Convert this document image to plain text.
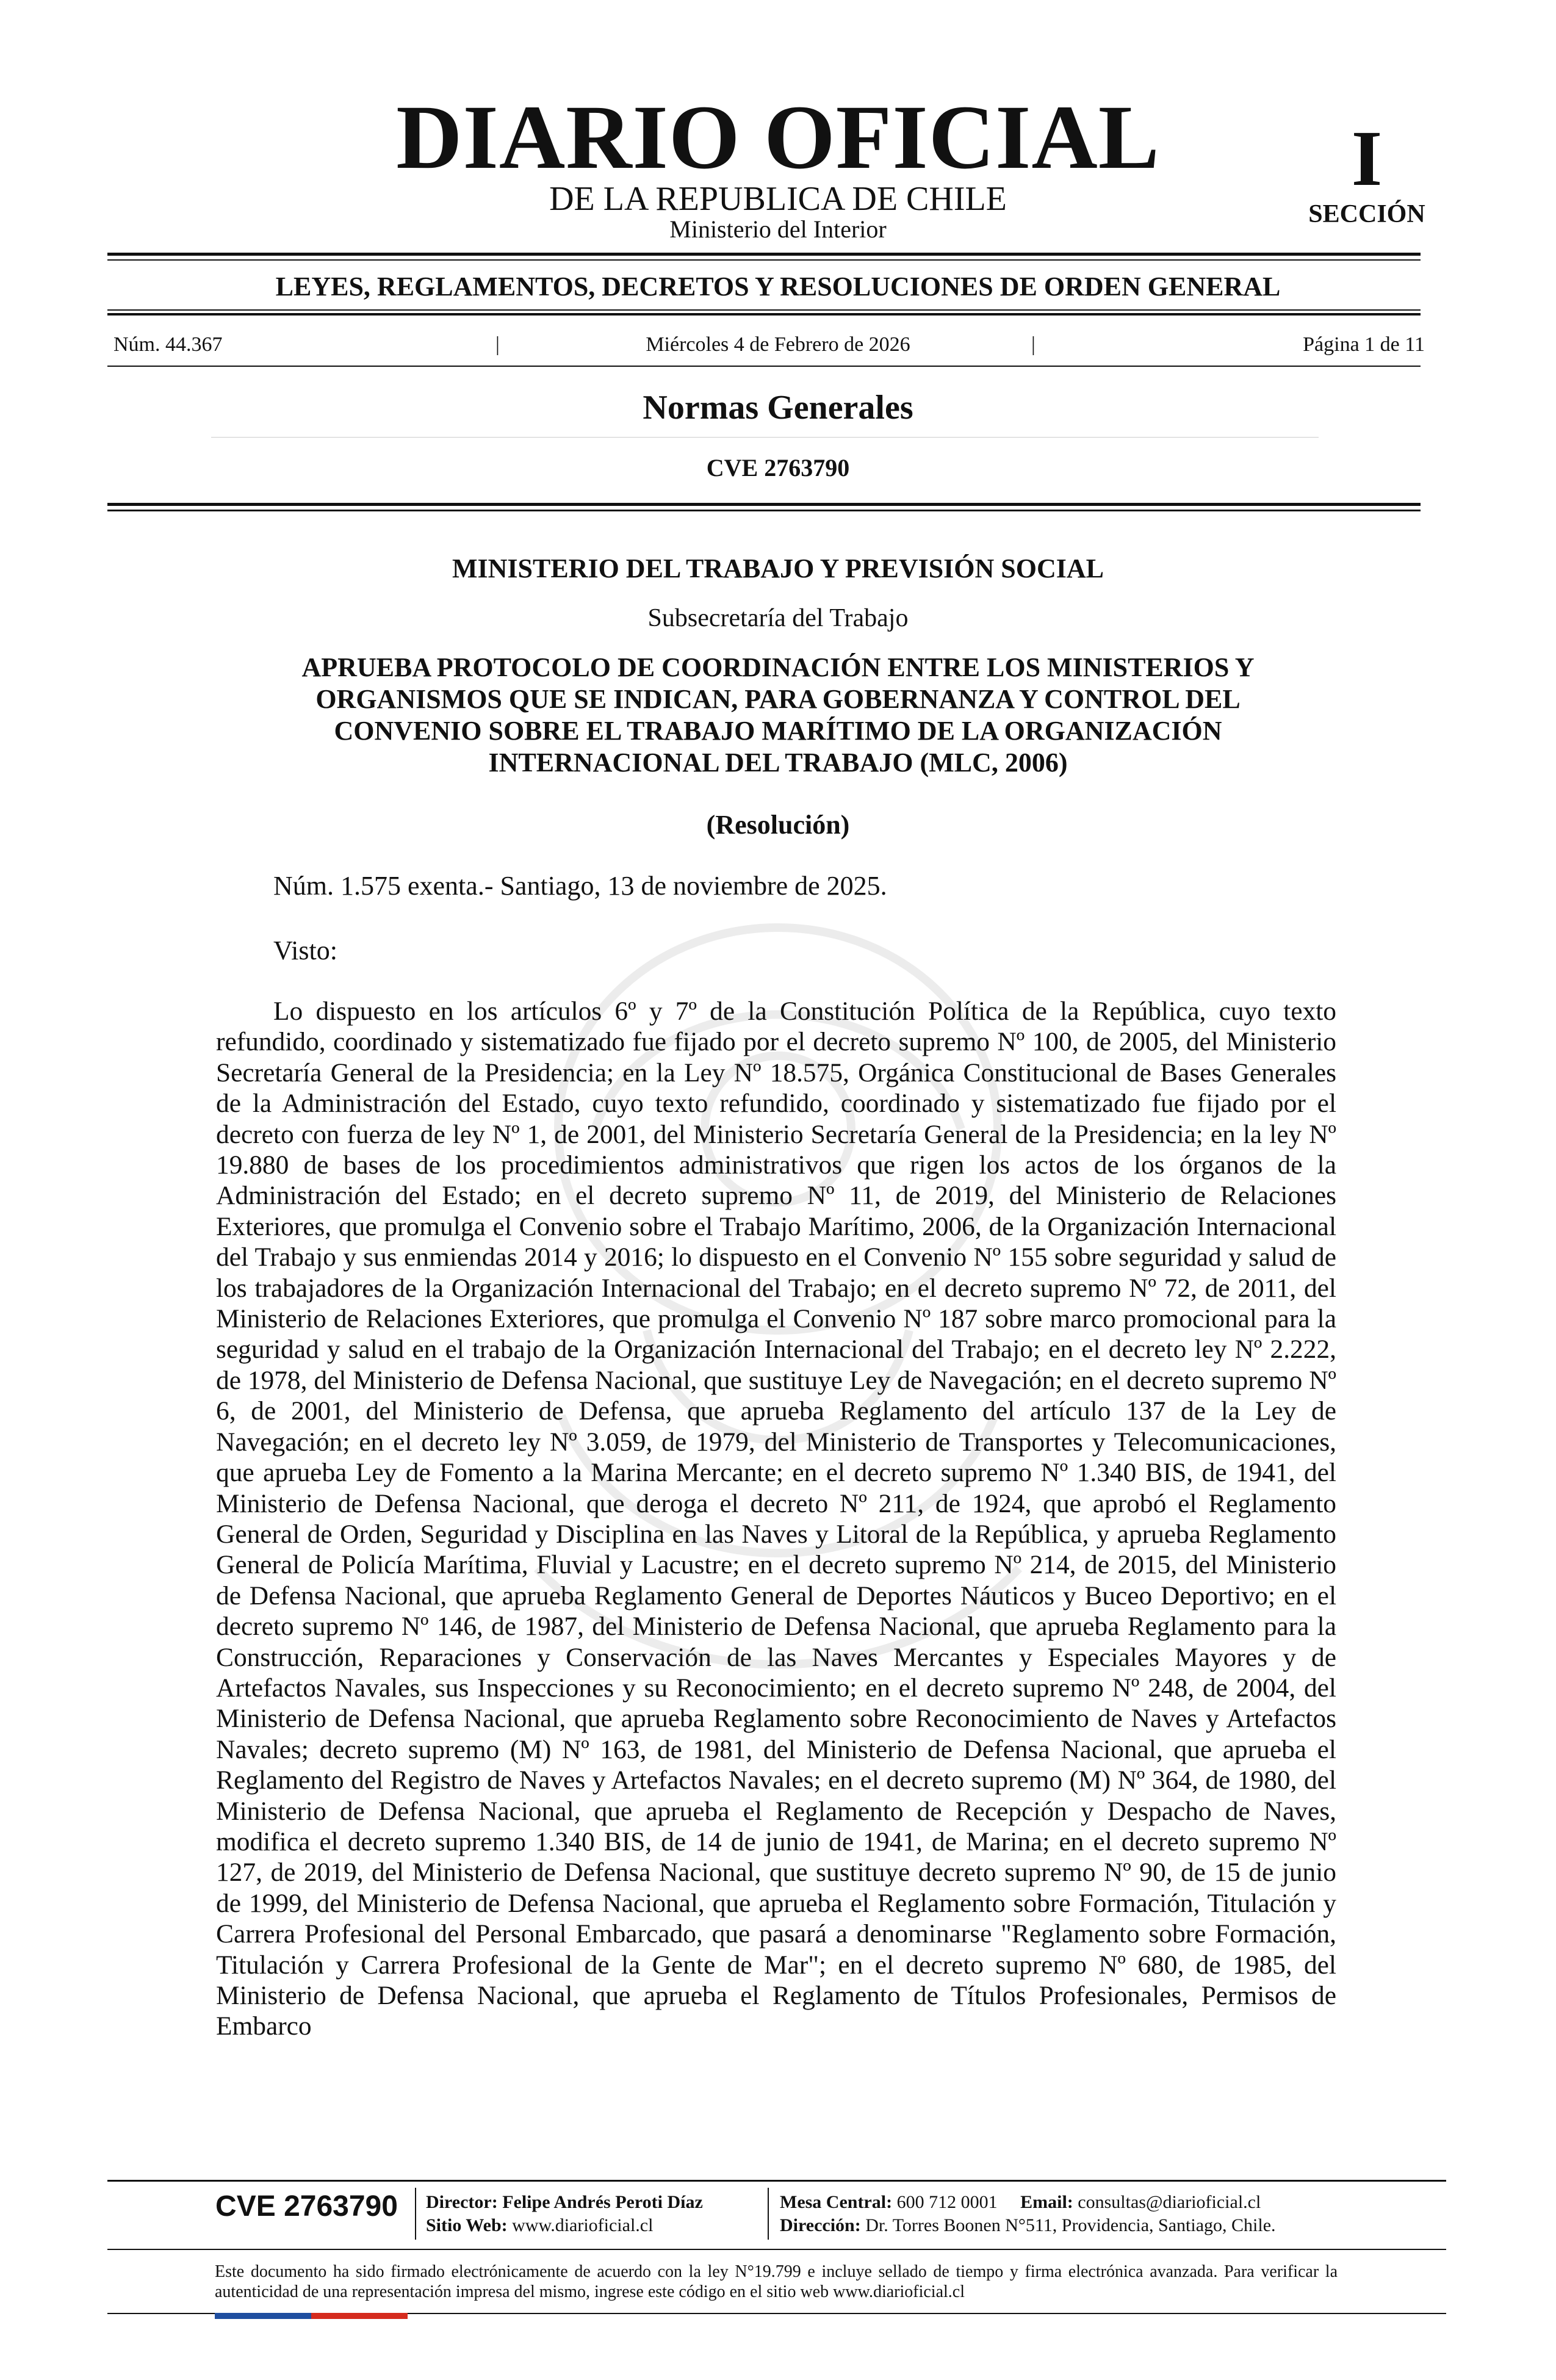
DIARIO OFICIAL
DE LA REPUBLICA DE CHILE
Ministerio del Interior
I
SECCIÓN
LEYES, REGLAMENTOS, DECRETOS Y RESOLUCIONES DE ORDEN GENERAL
Núm. 44.367	|	Miércoles 4 de Febrero de 2026	|	Página 1 de 11
Normas Generales
CVE 2763790
MINISTERIO DEL TRABAJO Y PREVISIÓN SOCIAL
Subsecretaría del Trabajo
APRUEBA PROTOCOLO DE COORDINACIÓN ENTRE LOS MINISTERIOS Y ORGANISMOS QUE SE INDICAN, PARA GOBERNANZA Y CONTROL DEL CONVENIO SOBRE EL TRABAJO MARÍTIMO DE LA ORGANIZACIÓN INTERNACIONAL DEL TRABAJO (MLC, 2006)
(Resolución)
Núm. 1.575 exenta.- Santiago, 13 de noviembre de 2025.
Visto:

Lo dispuesto en los artículos 6º y 7º de la Constitución Política de la República, cuyo texto refundido, coordinado y sistematizado fue fijado por el decreto supremo Nº 100, de 2005, del Ministerio Secretaría General de la Presidencia; en la Ley Nº 18.575, Orgánica Constitucional de Bases Generales de la Administración del Estado, cuyo texto refundido, coordinado y sistematizado fue fijado por el decreto con fuerza de ley Nº 1, de 2001, del Ministerio Secretaría General de la Presidencia; en la ley Nº 19.880 de bases de los procedimientos administrativos que rigen los actos de los órganos de la Administración del Estado; en el decreto supremo Nº 11, de 2019, del Ministerio de Relaciones Exteriores, que promulga el Convenio sobre el Trabajo Marítimo, 2006, de la Organización Internacional del Trabajo y sus enmiendas 2014 y 2016; lo dispuesto en el Convenio Nº 155 sobre seguridad y salud de los trabajadores de la Organización Internacional del Trabajo; en el decreto supremo Nº 72, de 2011, del Ministerio de Relaciones Exteriores, que promulga el Convenio Nº 187 sobre marco promocional para la seguridad y salud en el trabajo de la Organización Internacional del Trabajo; en el decreto ley Nº 2.222, de 1978, del Ministerio de Defensa Nacional, que sustituye Ley de Navegación; en el decreto supremo Nº 6, de 2001, del Ministerio de Defensa, que aprueba Reglamento del artículo 137 de la Ley de Navegación; en el decreto ley Nº 3.059, de 1979, del Ministerio de Transportes y Telecomunicaciones, que aprueba Ley de Fomento a la Marina Mercante; en el decreto supremo Nº 1.340 BIS, de 1941, del Ministerio de Defensa Nacional, que deroga el decreto Nº 211, de 1924, que aprobó el Reglamento General de Orden, Seguridad y Disciplina en las Naves y Litoral de la República, y aprueba Reglamento General de Policía Marítima, Fluvial y Lacustre; en el decreto supremo Nº 214, de 2015, del Ministerio de Defensa Nacional, que aprueba Reglamento General de Deportes Náuticos y Buceo Deportivo; en el decreto supremo Nº 146, de 1987, del Ministerio de Defensa Nacional, que aprueba Reglamento para la Construcción, Reparaciones y Conservación de las Naves Mercantes y Especiales Mayores y de Artefactos Navales, sus Inspecciones y su Reconocimiento; en el decreto supremo Nº 248, de 2004, del Ministerio de Defensa Nacional, que aprueba Reglamento sobre Reconocimiento de Naves y Artefactos Navales; decreto supremo (M) Nº 163, de 1981, del Ministerio de Defensa Nacional, que aprueba el Reglamento del Registro de Naves y Artefactos Navales; en el decreto supremo (M) Nº 364, de 1980, del Ministerio de Defensa Nacional, que aprueba el Reglamento de Recepción y Despacho de Naves, modifica el decreto supremo 1.340 BIS, de 14 de junio de 1941, de Marina; en el decreto supremo Nº 127, de 2019, del Ministerio de Defensa Nacional, que sustituye decreto supremo Nº 90, de 15 de junio de 1999, del Ministerio de Defensa Nacional, que aprueba el Reglamento sobre Formación, Titulación y Carrera Profesional del Personal Embarcado, que pasará a denominarse "Reglamento sobre Formación, Titulación y Carrera Profesional de la Gente de Mar"; en el decreto supremo Nº 680, de 1985, del Ministerio de Defensa Nacional, que aprueba el Reglamento de Títulos Profesionales, Permisos de Embarco

CVE 2763790	Director: Felipe Andrés Peroti Díaz
Sitio Web: www.diarioficial.cl
Mesa Central: 600 712 0001 Email: consultas@diarioficial.cl
Dirección: Dr. Torres Boonen N°511, Providencia, Santiago, Chile.
Este documento ha sido firmado electrónicamente de acuerdo con la ley N°19.799 e incluye sellado de tiempo y firma electrónica avanzada. Para verificar la autenticidad de una representación impresa del mismo, ingrese este código en el sitio web www.diarioficial.cl
